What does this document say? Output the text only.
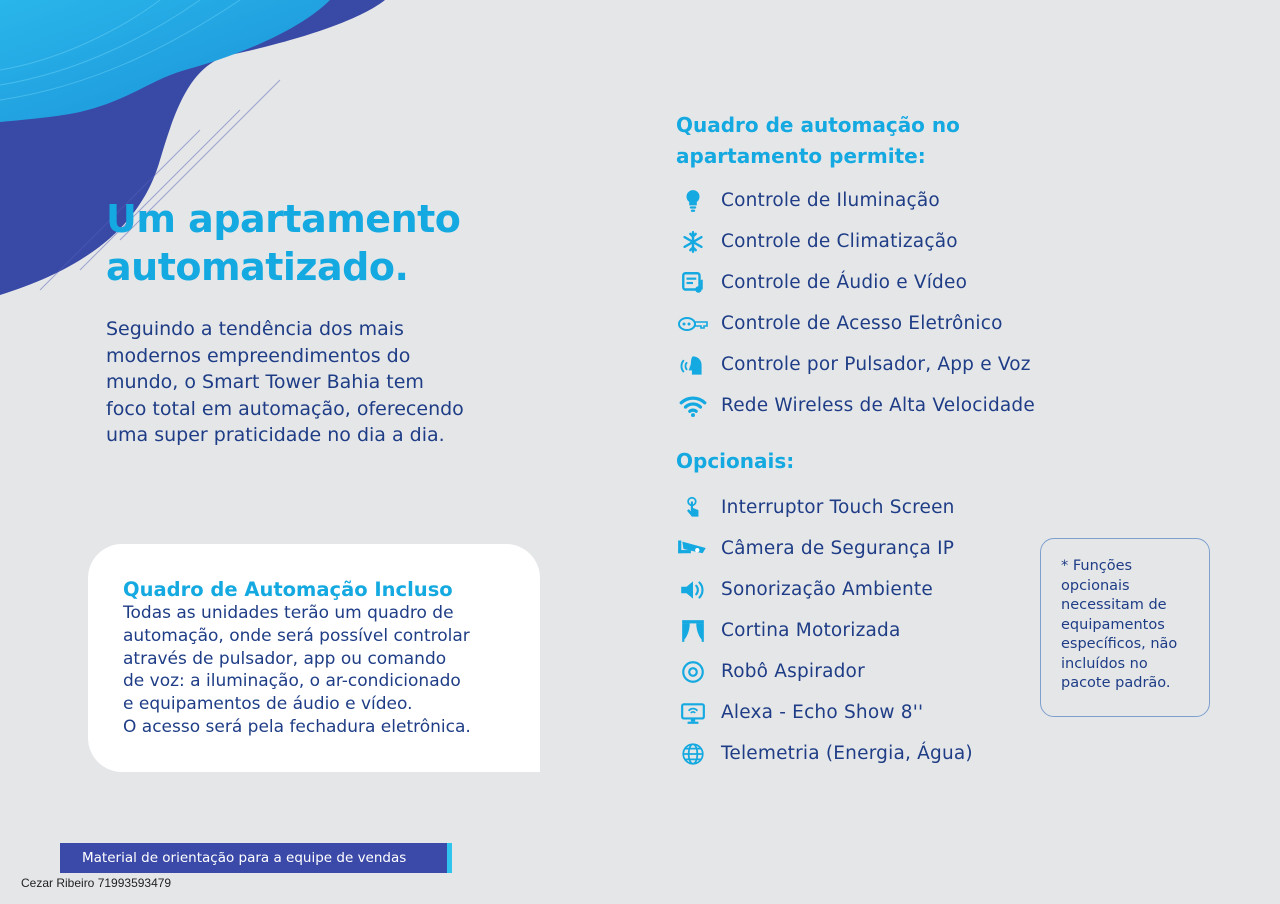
Um apartamento
automatizado.

Seguindo a tendência dos mais modernos empreendimentos do mundo, o Smart Tower Bahia tem foco total em automação, oferecendo uma super praticidade no dia a dia.

Quadro de Automação Incluso

Todas as unidades terão um quadro de
automação, onde será possível controlar
através de pulsador, app ou comando
de voz: a iluminação, o ar-condicionado
e equipamentos de áudio e vídeo.
O acesso será pela fechadura eletrônica.

Quadro de automação no
apartamento permite:
Controle de Iluminação
Controle de Climatização
Controle de Áudio e Vídeo
Controle de Acesso Eletrônico
Controle por Pulsador, App e Voz
Rede Wireless de Alta Velocidade
Opcionais:
Interruptor Touch Screen
Câmera de Segurança IP
Sonorização Ambiente
Cortina Motorizada
Robô Aspirador
Alexa - Echo Show 8''
Telemetria (Energia, Água)
* Funções
opcionais
necessitam de
equipamentos
específicos, não
incluídos no
pacote padrão.
Material de orientação para a equipe de vendas
Cezar Ribeiro 71993593479
